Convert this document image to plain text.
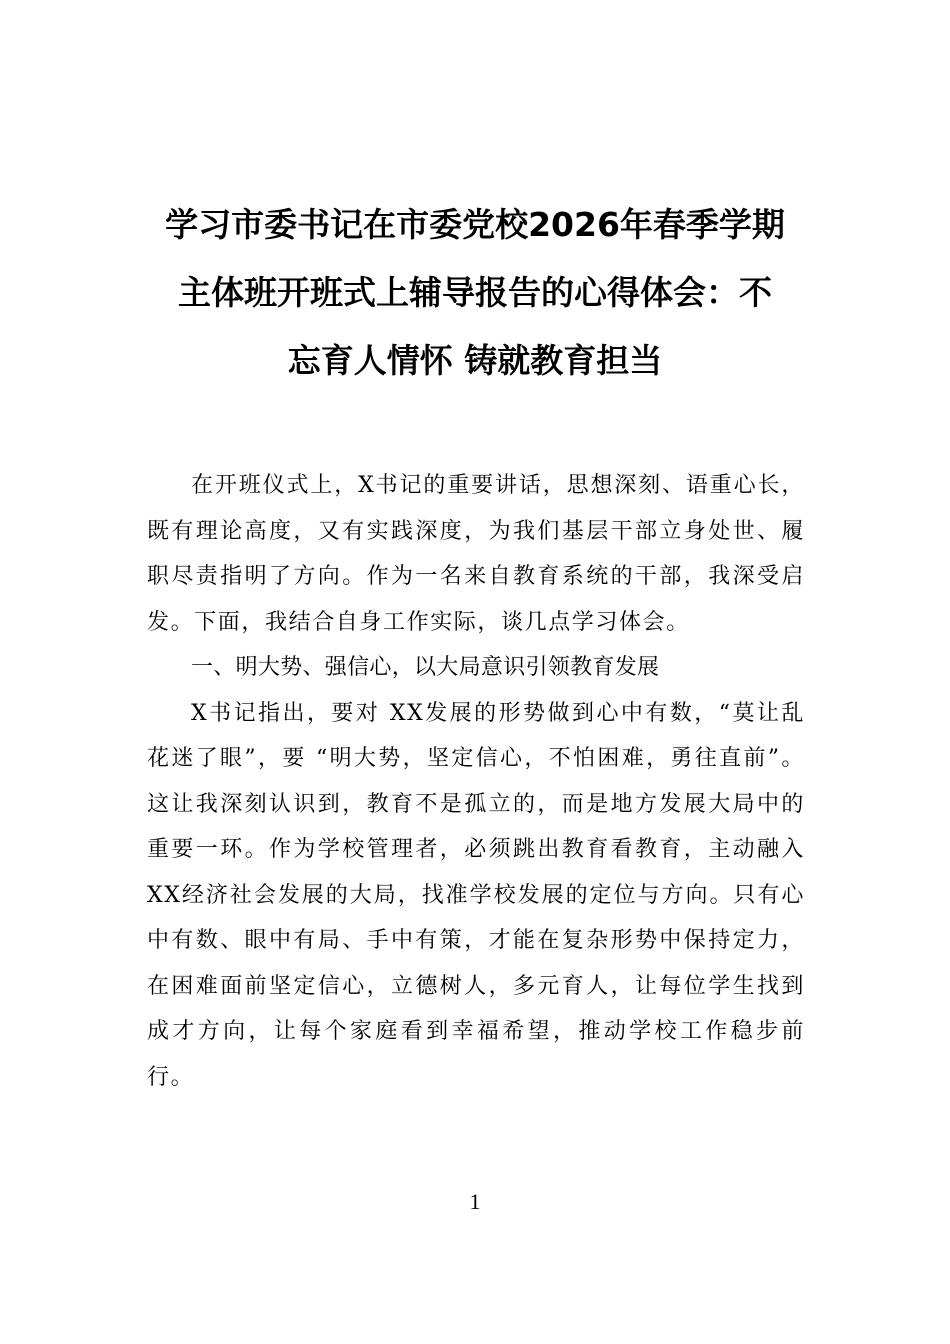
学习市委书记在市委党校2026年春季学期
主体班开班式上辅导报告的心得体会：不
忘育人情怀 铸就教育担当

在开班仪式上，X书记的重要讲话，思想深刻、语重心长，既有理论高度，又有实践深度，为我们基层干部立身处世、履职尽责指明了方向。作为一名来自教育系统的干部，我深受启发。下面，我结合自身工作实际，谈几点学习体会。

一、明大势、强信心，以大局意识引领教育发展

X书记指出，要对 XX发展的形势做到心中有数，“莫让乱花迷了眼”，要 “明大势，坚定信心，不怕困难，勇往直前”。这让我深刻认识到，教育不是孤立的，而是地方发展大局中的重要一环。作为学校管理者，必须跳出教育看教育，主动融入XX经济社会发展的大局，找准学校发展的定位与方向。只有心中有数、眼中有局、手中有策，才能在复杂形势中保持定力，在困难面前坚定信心，立德树人，多元育人，让每位学生找到成才方向，让每个家庭看到幸福希望，推动学校工作稳步前行。

1
